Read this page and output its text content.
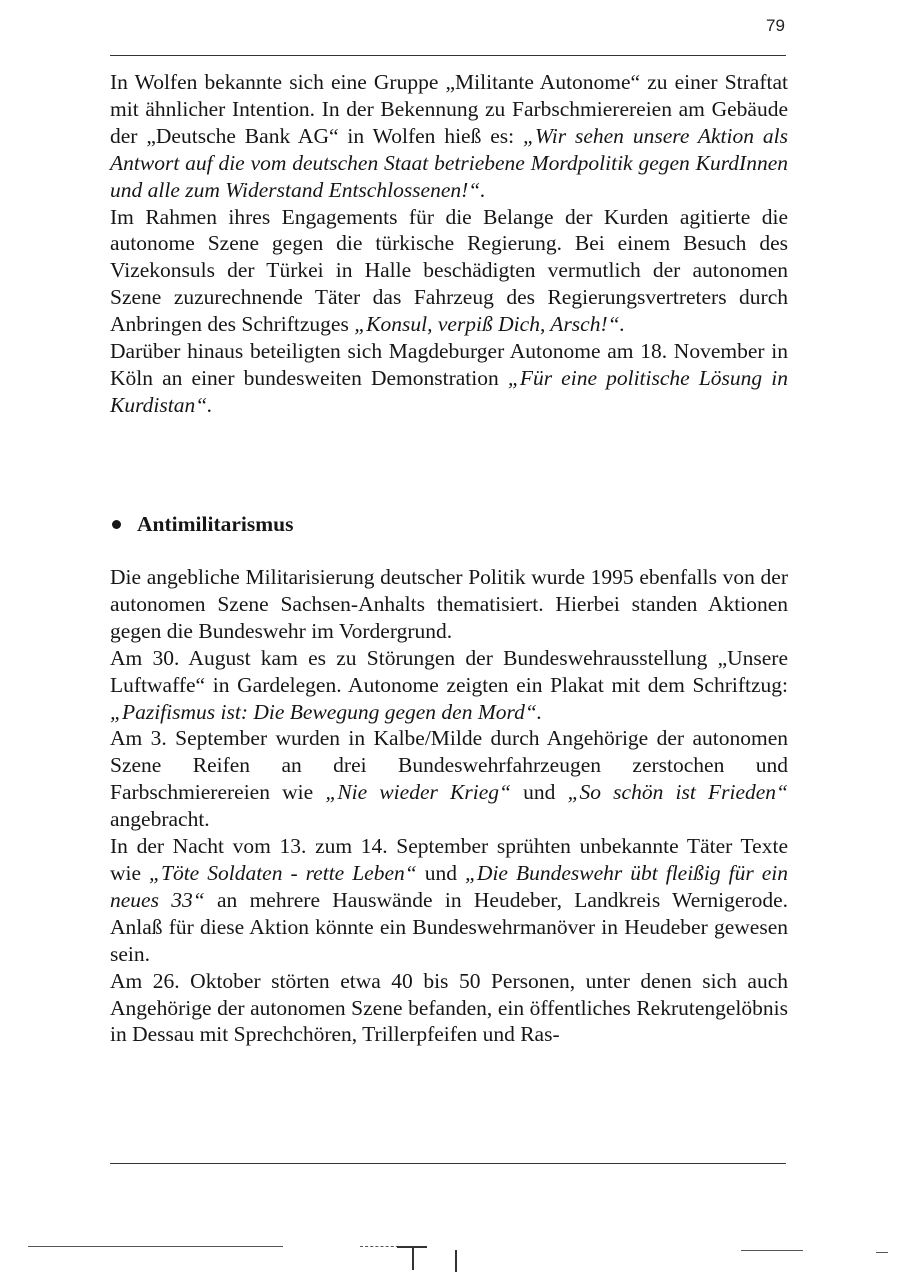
79

In Wolfen bekannte sich eine Gruppe „Militante Autonome“ zu einer Straftat mit ähnlicher Intention. In der Bekennung zu Farbschmierereien am Gebäude der „Deutsche Bank AG“ in Wolfen hieß es: „Wir sehen unsere Aktion als Antwort auf die vom deutschen Staat betriebene Mordpolitik gegen KurdInnen und alle zum Widerstand Entschlossenen!“.

Im Rahmen ihres Engagements für die Belange der Kurden agitierte die autonome Szene gegen die türkische Regierung. Bei einem Besuch des Vizekonsuls der Türkei in Halle beschädigten vermutlich der autonomen Szene zuzurechnende Täter das Fahrzeug des Regierungsvertreters durch Anbringen des Schriftzuges „Konsul, verpiß Dich, Arsch!“.

Darüber hinaus beteiligten sich Magdeburger Autonome am 18. November in Köln an einer bundesweiten Demonstration „Für eine politische Lösung in Kurdistan“.

Antimilitarismus

Die angebliche Militarisierung deutscher Politik wurde 1995 ebenfalls von der autonomen Szene Sachsen-Anhalts thematisiert. Hierbei standen Aktionen gegen die Bundeswehr im Vordergrund.

Am 30. August kam es zu Störungen der Bundeswehrausstellung „Unsere Luftwaffe“ in Gardelegen. Autonome zeigten ein Plakat mit dem Schriftzug: „Pazifismus ist: Die Bewegung gegen den Mord“.

Am 3. September wurden in Kalbe/Milde durch Angehörige der autonomen Szene Reifen an drei Bundeswehrfahrzeugen zerstochen und Farbschmierereien wie „Nie wieder Krieg“ und „So schön ist Frieden“ angebracht.

In der Nacht vom 13. zum 14. September sprühten unbekannte Täter Texte wie „Töte Soldaten - rette Leben“ und „Die Bundeswehr übt fleißig für ein neues 33“ an mehrere Hauswände in Heudeber, Landkreis Wernigerode. Anlaß für diese Aktion könnte ein Bundeswehrmanöver in Heudeber gewesen sein.

Am 26. Oktober störten etwa 40 bis 50 Personen, unter denen sich auch Angehörige der autonomen Szene befanden, ein öffentliches Rekrutengelöbnis in Dessau mit Sprechchören, Trillerpfeifen und Ras-
